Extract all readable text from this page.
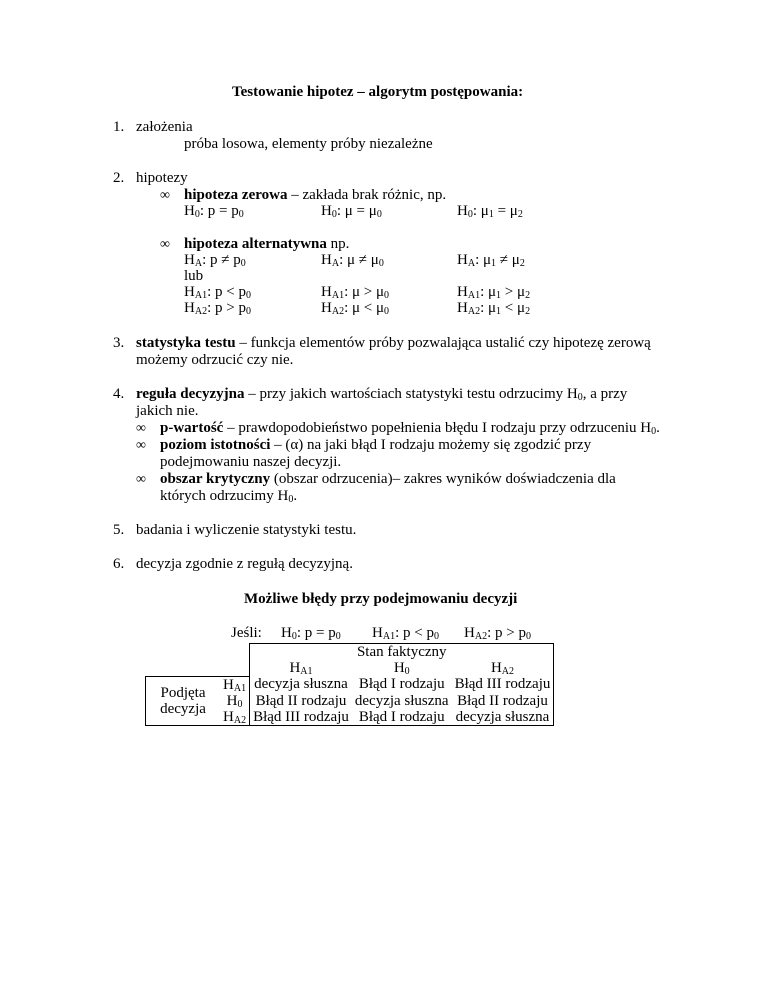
Testowanie hipotez – algorytm postępowania:
1. założenia
próba losowa, elementy próby niezależne
2. hipotezy
∞ hipoteza zerowa – zakłada brak różnic, np.
$H_0$: $p = p_0$	$H_0$: $\mu = \mu_0$	$H_0$: $\mu_1 = \mu_2$
∞ hipoteza alternatywna np.
$H_A$: $p \ne p_0$	$H_A$: $\mu \ne \mu_0$	$H_A$: $\mu_1 \ne \mu_2$
lub
$H_{A1}$: $p < p_0$	$H_{A1}$: $\mu > \mu_0$	$H_{A1}$: $\mu_1 > \mu_2$
$H_{A2}$: $p > p_0$	$H_{A2}$: $\mu < \mu_0$	$H_{A2}$: $\mu_1 < \mu_2$
3. statystyka testu – funkcja elementów próby pozwalająca ustalić czy hipotezę zerową
możemy odrzucić czy nie.
4. reguła decyzyjna – przy jakich wartościach statystyki testu odrzucimy $H_0$, a przy
jakich nie.
∞ p-wartość – prawdopodobieństwo popełnienia błędu I rodzaju przy odrzuceniu $H_0$.
∞ poziom istotności – (α) na jaki błąd I rodzaju możemy się zgodzić przy
podejmowaniu naszej decyzji.
∞ obszar krytyczny (obszar odrzucenia)– zakres wyników doświadczenia dla
których odrzucimy $H_0$.
5. badania i wyliczenie statystyki testu.
6. decyzja zgodnie z regułą decyzyjną.
Możliwe błędy przy podejmowaniu decyzji
Jeśli: $H_0$: $p = p_0$ $H_{A1}$: $p < p_0$ $H_{A2}$: $p > p_0$
			Stan faktyczny	
		$H_{A1}$	$H_0$	$H_{A2}$
Podjęta decyzja	$H_{A1}$	decyzja słuszna	Błąd I rodzaju	Błąd III rodzaju
	$H_0$	Błąd II rodzaju	decyzja słuszna	Błąd II rodzaju
	$H_{A2}$	Błąd III rodzaju	Błąd I rodzaju	decyzja słuszna
